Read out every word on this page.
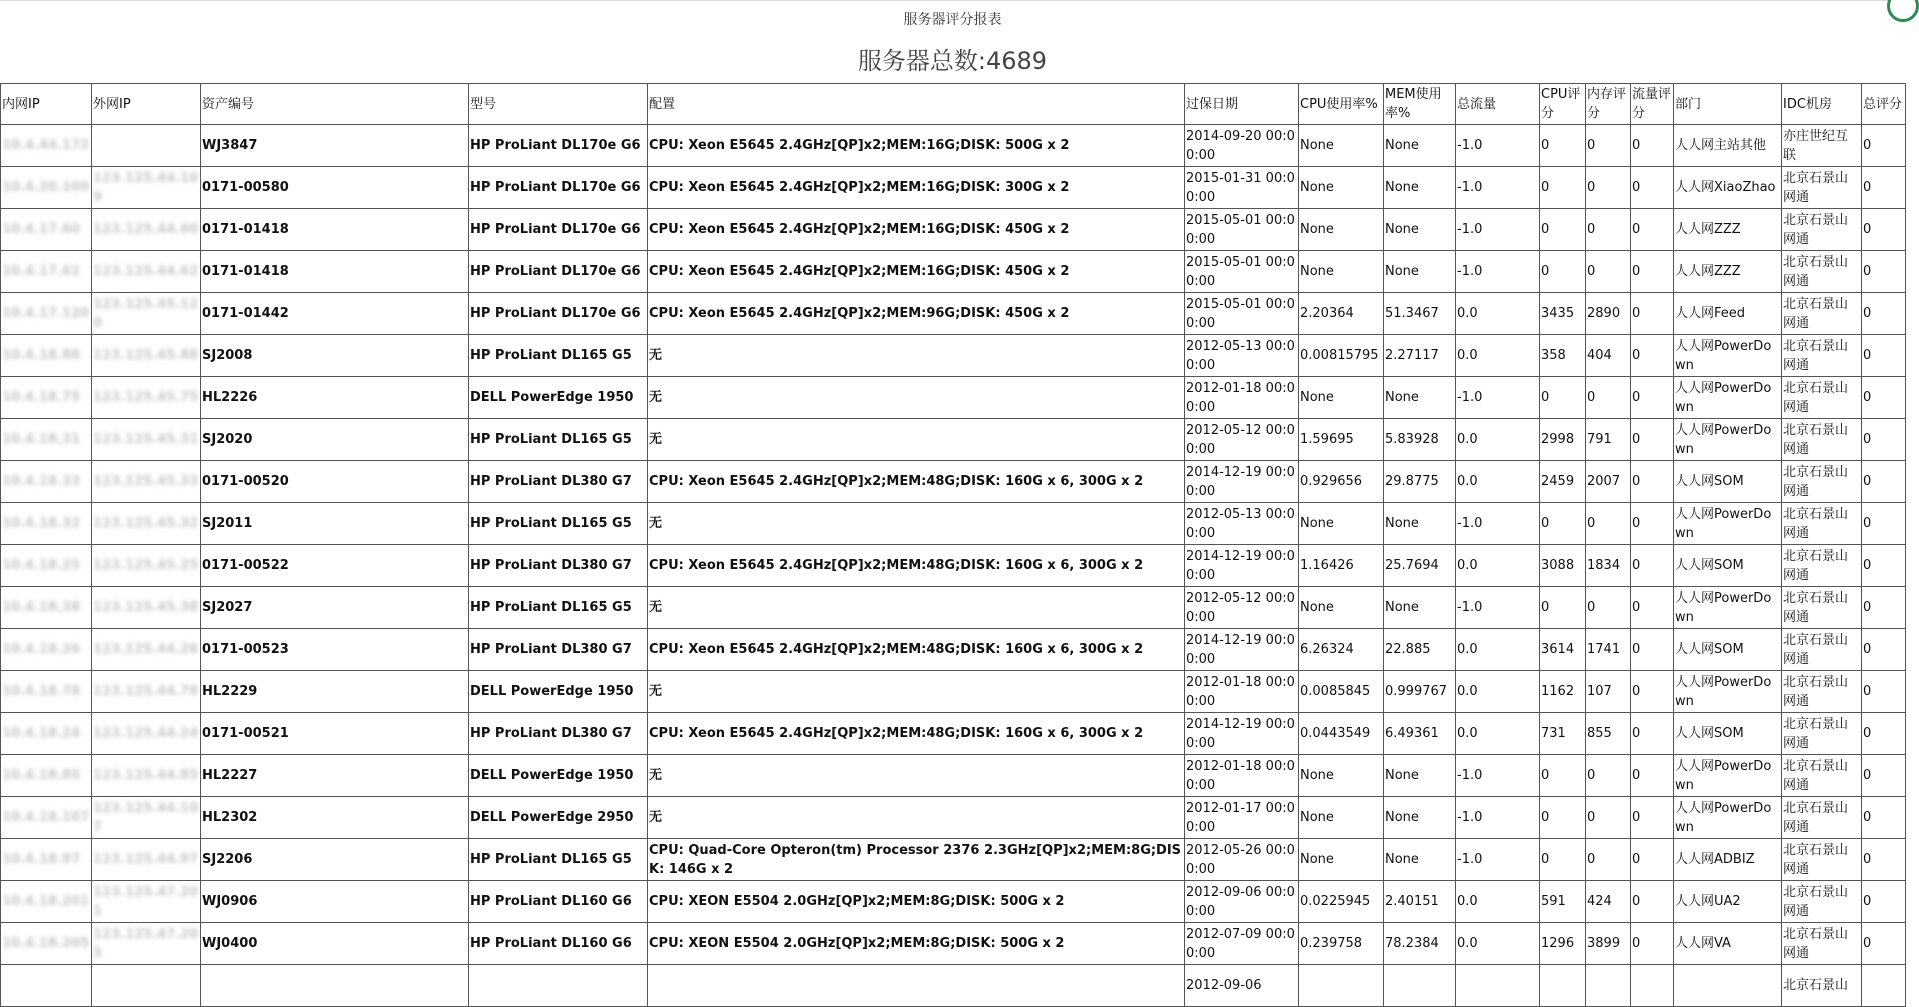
服务器评分报表
服务器总数:4689
内网IP	外网IP	资产编号	型号	配置	过保日期	CPU使用率%	MEM使用率%	总流量	CPU评分	内存评分	流量评分	部门	IDC机房	总评分
10.4.44.172		WJ3847	HP ProLiant DL170e G6	CPU: Xeon E5645 2.4GHz[QP]x2;MEM:16G;DISK: 500G x 2	2014-09-20 00:00:00	None	None	-1.0	0	0	0	人人网主站其他	亦庄世纪互联	0
10.4.20.109	123.125.44.109	0171-00580	HP ProLiant DL170e G6	CPU: Xeon E5645 2.4GHz[QP]x2;MEM:16G;DISK: 300G x 2	2015-01-31 00:00:00	None	None	-1.0	0	0	0	人人网XiaoZhao	北京石景山网通	0
10.4.17.60	123.125.44.60	0171-01418	HP ProLiant DL170e G6	CPU: Xeon E5645 2.4GHz[QP]x2;MEM:16G;DISK: 450G x 2	2015-05-01 00:00:00	None	None	-1.0	0	0	0	人人网ZZZ	北京石景山网通	0
10.4.17.62	123.125.44.62	0171-01418	HP ProLiant DL170e G6	CPU: Xeon E5645 2.4GHz[QP]x2;MEM:16G;DISK: 450G x 2	2015-05-01 00:00:00	None	None	-1.0	0	0	0	人人网ZZZ	北京石景山网通	0
10.4.17.120	123.125.45.120	0171-01442	HP ProLiant DL170e G6	CPU: Xeon E5645 2.4GHz[QP]x2;MEM:96G;DISK: 450G x 2	2015-05-01 00:00:00	2.20364	51.3467	0.0	3435	2890	0	人人网Feed	北京石景山网通	0
10.4.18.88	123.125.45.88	SJ2008	HP ProLiant DL165 G5	无	2012-05-13 00:00:00	0.00815795	2.27117	0.0	358	404	0	人人网PowerDown	北京石景山网通	0
10.4.18.75	123.125.45.75	HL2226	DELL PowerEdge 1950	无	2012-01-18 00:00:00	None	None	-1.0	0	0	0	人人网PowerDown	北京石景山网通	0
10.4.18.31	123.125.45.31	SJ2020	HP ProLiant DL165 G5	无	2012-05-12 00:00:00	1.59695	5.83928	0.0	2998	791	0	人人网PowerDown	北京石景山网通	0
10.4.18.33	123.125.45.33	0171-00520	HP ProLiant DL380 G7	CPU: Xeon E5645 2.4GHz[QP]x2;MEM:48G;DISK: 160G x 6, 300G x 2	2014-12-19 00:00:00	0.929656	29.8775	0.0	2459	2007	0	人人网SOM	北京石景山网通	0
10.4.18.32	123.125.45.32	SJ2011	HP ProLiant DL165 G5	无	2012-05-13 00:00:00	None	None	-1.0	0	0	0	人人网PowerDown	北京石景山网通	0
10.4.18.25	123.125.45.25	0171-00522	HP ProLiant DL380 G7	CPU: Xeon E5645 2.4GHz[QP]x2;MEM:48G;DISK: 160G x 6, 300G x 2	2014-12-19 00:00:00	1.16426	25.7694	0.0	3088	1834	0	人人网SOM	北京石景山网通	0
10.4.18.38	123.125.45.38	SJ2027	HP ProLiant DL165 G5	无	2012-05-12 00:00:00	None	None	-1.0	0	0	0	人人网PowerDown	北京石景山网通	0
10.4.18.26	123.125.44.26	0171-00523	HP ProLiant DL380 G7	CPU: Xeon E5645 2.4GHz[QP]x2;MEM:48G;DISK: 160G x 6, 300G x 2	2014-12-19 00:00:00	6.26324	22.885	0.0	3614	1741	0	人人网SOM	北京石景山网通	0
10.4.18.78	123.125.44.78	HL2229	DELL PowerEdge 1950	无	2012-01-18 00:00:00	0.0085845	0.999767	0.0	1162	107	0	人人网PowerDown	北京石景山网通	0
10.4.18.24	123.125.44.24	0171-00521	HP ProLiant DL380 G7	CPU: Xeon E5645 2.4GHz[QP]x2;MEM:48G;DISK: 160G x 6, 300G x 2	2014-12-19 00:00:00	0.0443549	6.49361	0.0	731	855	0	人人网SOM	北京石景山网通	0
10.4.18.85	123.125.44.85	HL2227	DELL PowerEdge 1950	无	2012-01-18 00:00:00	None	None	-1.0	0	0	0	人人网PowerDown	北京石景山网通	0
10.4.18.107	123.125.44.107	HL2302	DELL PowerEdge 2950	无	2012-01-17 00:00:00	None	None	-1.0	0	0	0	人人网PowerDown	北京石景山网通	0
10.4.18.97	123.125.44.97	SJ2206	HP ProLiant DL165 G5	CPU: Quad-Core Opteron(tm) Processor 2376 2.3GHz[QP]x2;MEM:8G;DISK: 146G x 2	2012-05-26 00:00:00	None	None	-1.0	0	0	0	人人网ADBIZ	北京石景山网通	0
10.4.18.201	123.125.47.201	WJ0906	HP ProLiant DL160 G6	CPU: XEON E5504 2.0GHz[QP]x2;MEM:8G;DISK: 500G x 2	2012-09-06 00:00:00	0.0225945	2.40151	0.0	591	424	0	人人网UA2	北京石景山网通	0
10.4.18.205	123.125.47.205	WJ0400	HP ProLiant DL160 G6	CPU: XEON E5504 2.0GHz[QP]x2;MEM:8G;DISK: 500G x 2	2012-07-09 00:00:00	0.239758	78.2384	0.0	1296	3899	0	人人网VA	北京石景山网通	0
					2012-09-06								北京石景山	
